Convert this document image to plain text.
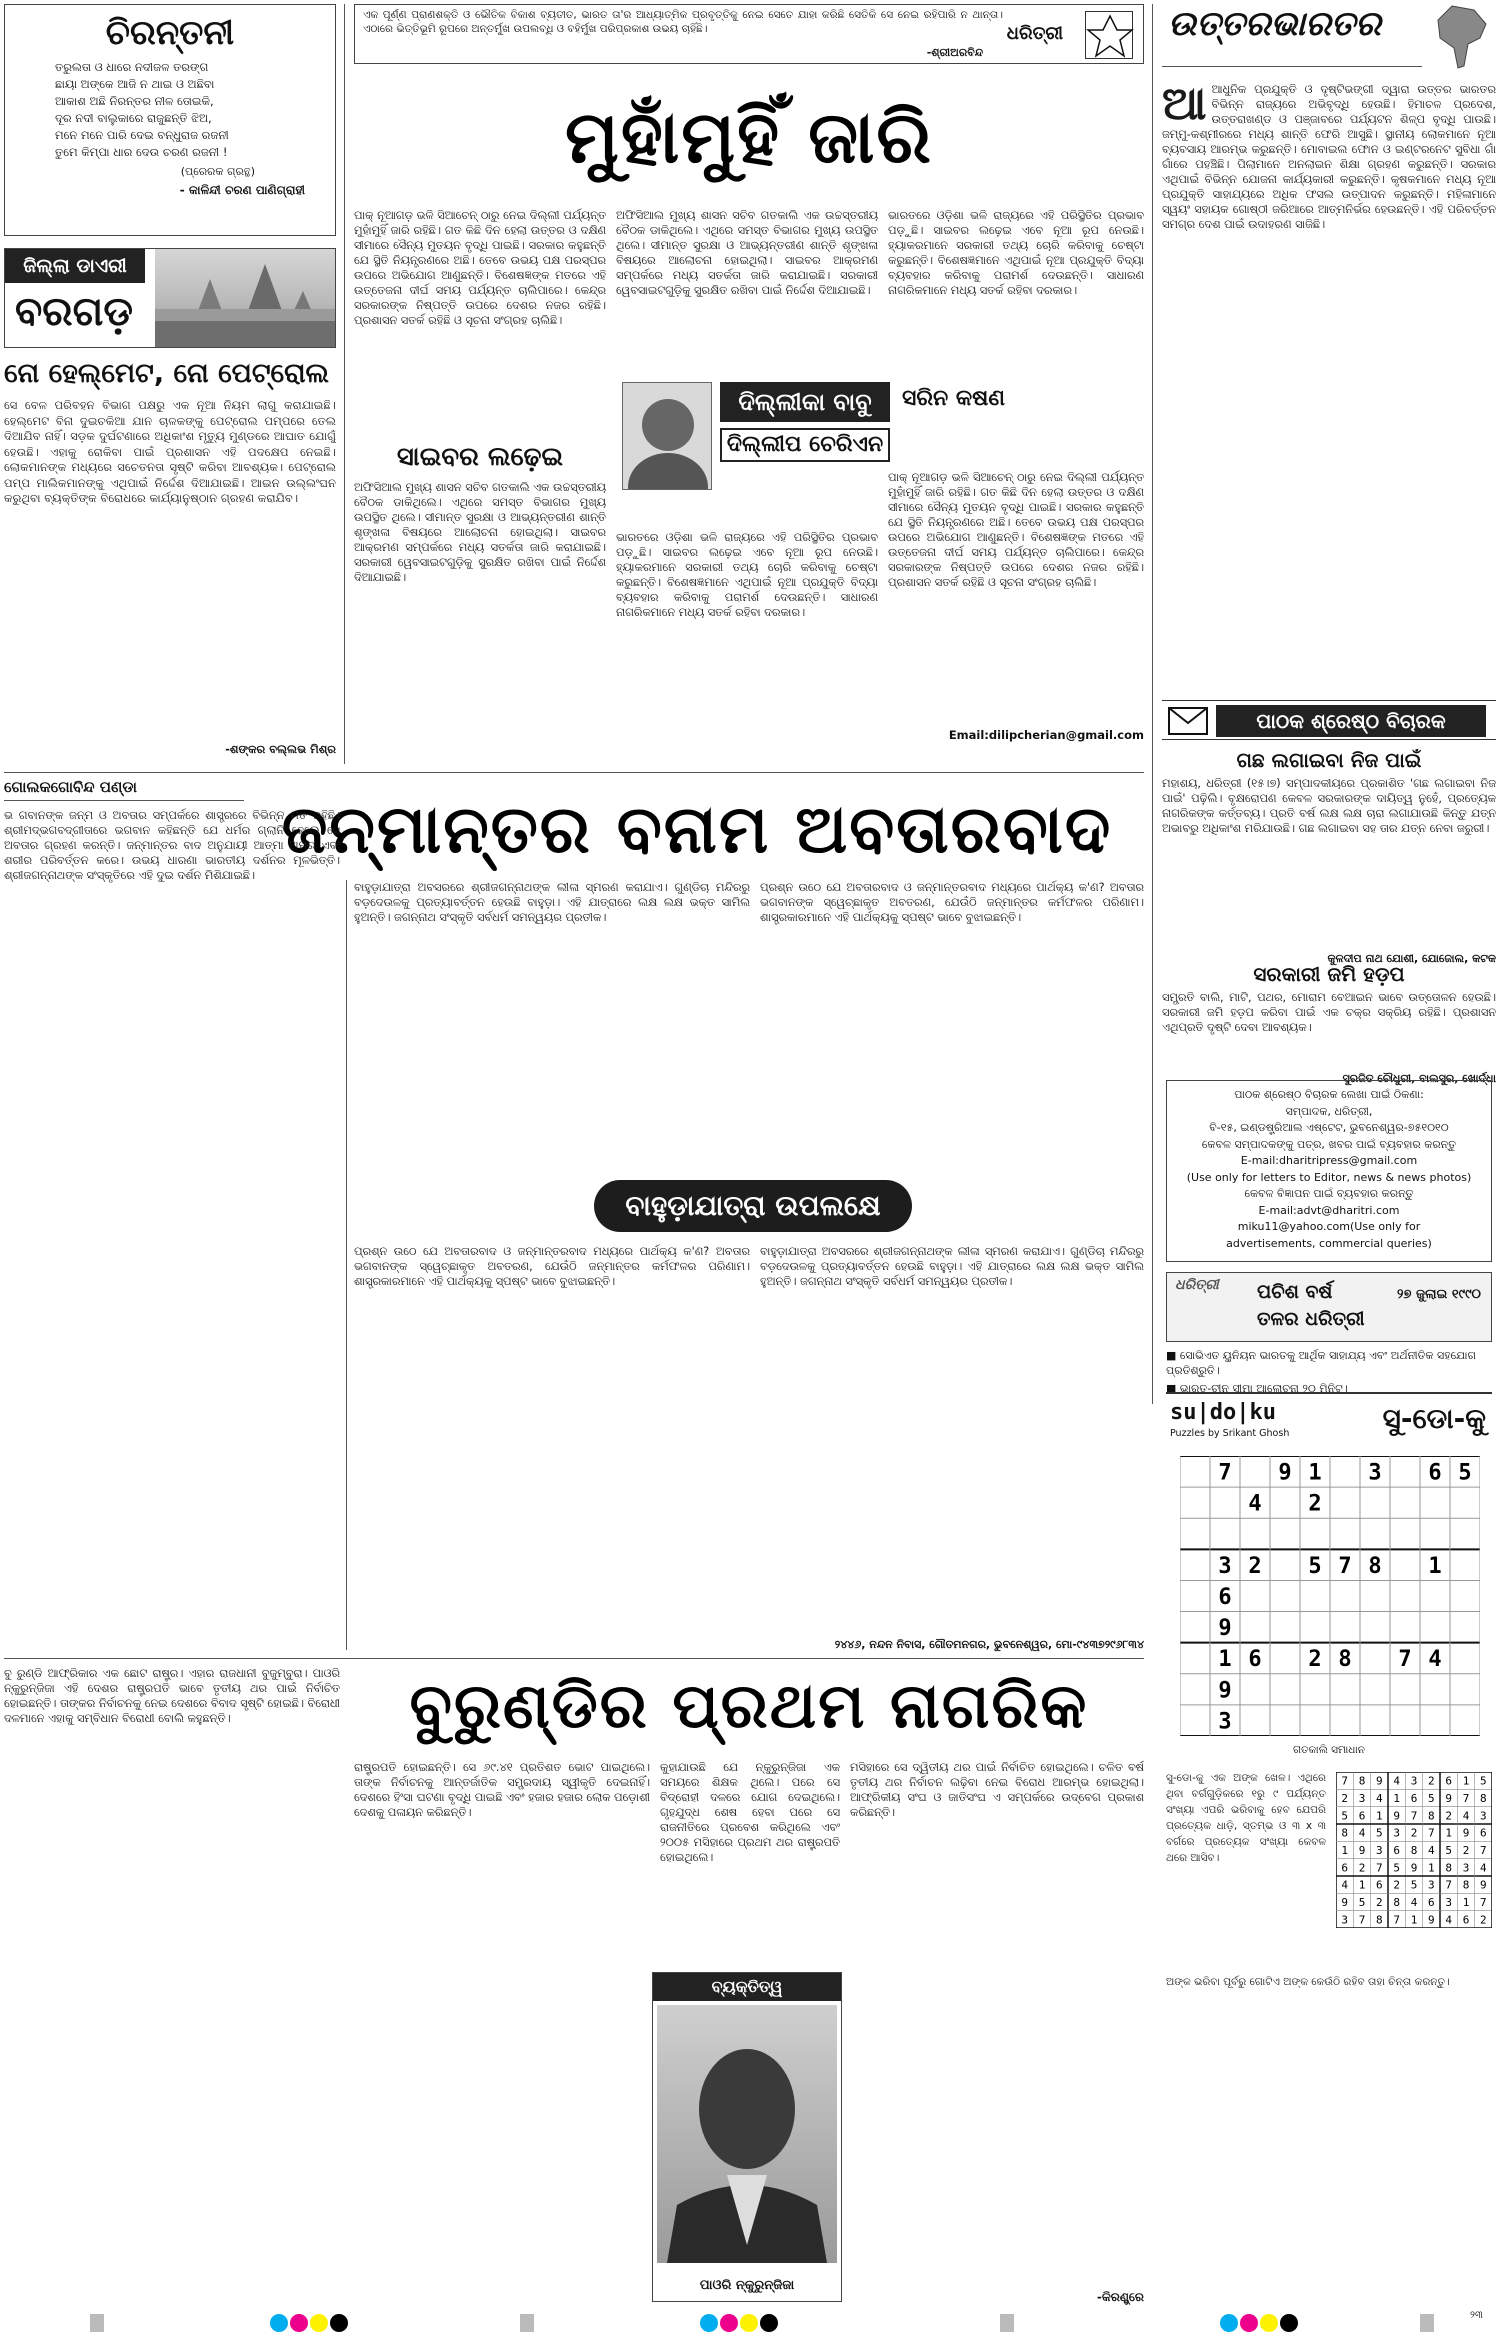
ଚିରନ୍ତନୀ
ତରୁଲତା ଓ ଧାରେ ନଦୀଜଳ ତରଙ୍ଗ
ଛାୟା ଅଙ୍କେ ଆଜି ନ ଥାଇ ଓ ଅଛିବା
ଆକାଶ ଅଛି ନିରନ୍ତର ନୀଳ ତୋଇକି,
ଦୂର ନଦୀ ବାଲୁକାରେ ରାଜୁଛନ୍ତି ଝିଅ,
ମନେ ମନେ ପାରି ଦେଇ ବନ୍ଧୁରାଜ ରଜନୀ
ତୁମେ କିମ୍ପା ଧାର ଦେଉ ଚରଣ ରଜନୀ !
(ପ୍ରେରକ ଗ୍ରନ୍ଥ)
- କାଳିନ୍ଦୀ ଚରଣ ପାଣିଗ୍ରାହୀ
ଜିଲ୍ଲା ଡାଏରୀ
ବରଗଡ଼
ନୋ ହେଲ୍‌ମେଟ, ନୋ ପେଟ୍ରୋଲ
ସେ ବେଳ ପରିବହନ ବିଭାଗ ପକ୍ଷରୁ ଏକ ନୂଆ ନିୟମ ଲାଗୁ କରାଯାଇଛି। ହେଲ୍‌ମେଟ ବିନା ଦୁଇଚକିଆ ଯାନ ଚାଳକଙ୍କୁ ପେଟ୍ରୋଲ ପମ୍ପରେ ତେଲ ଦିଆଯିବ ନାହିଁ। ସଡ଼କ ଦୁର୍ଘଟଣାରେ ଅଧିକାଂଶ ମୃତ୍ୟୁ ମୁଣ୍ଡରେ ଆଘାତ ଯୋଗୁଁ ହେଉଛି। ଏହାକୁ ରୋକିବା ପାଇଁ ପ୍ରଶାସନ ଏହି ପଦକ୍ଷେପ ନେଇଛି। ଲୋକମାନଙ୍କ ମଧ୍ୟରେ ସଚେତନତା ସୃଷ୍ଟି କରିବା ଆବଶ୍ୟକ। ପେଟ୍ରୋଲ ପମ୍ପ ମାଲିକମାନଙ୍କୁ ଏଥିପାଇଁ ନିର୍ଦ୍ଦେଶ ଦିଆଯାଇଛି। ଆଇନ ଉଲ୍ଲଂଘନ କରୁଥିବା ବ୍ୟକ୍ତିଙ୍କ ବିରୋଧରେ କାର୍ଯ୍ୟାନୁଷ୍ଠାନ ଗ୍ରହଣ କରାଯିବ।
-ଶଙ୍କର ବଲ୍ଲଭ ମିଶ୍ର
ଏକ ପୂର୍ଣ୍ଣ ପ୍ରାଣଶକ୍ତି ଓ ଭୌତିକ ବିକାଶ ବ୍ୟତୀତ, ଭାରତ ତା'ର ଆଧ୍ୟାତ୍ମିକ ପ୍ରବୃତ୍ତିକୁ ନେଇ ସେତେ ଯାହା କରିଛି ସେତିକି ସେ ନେଇ ରହିପାରି ନ ଥାନ୍ତା। ଏଠାରେ ଭିତ୍ତିଭୂମି ରୂପରେ ଅନ୍ତର୍ମୁଖ ଉପଲବ୍ଧି ଓ ବହିର୍ମୁଖ ପରିପ୍ରକାଶ ଉଭୟ ଚାହିଁଛି।
-ଶ୍ରୀଅରବିନ୍ଦ
ଧରିତ୍ରୀ
ମୁହାଁମୁହିଁ ଜାରି
ପାକ୍ ନୂଆଗଡ଼ ଭଳି ସିଆଚେନ୍ ଠାରୁ ନେଇ ଦିଲ୍ଲୀ ପର୍ଯ୍ୟନ୍ତ ମୁହାଁମୁହିଁ ଜାରି ରହିଛି। ଗତ କିଛି ଦିନ ହେଲା ଉତ୍ତର ଓ ଦକ୍ଷିଣ ସୀମାରେ ସୈନ୍ୟ ମୁତୟନ ବୃଦ୍ଧି ପାଇଛି। ସରକାର କହୁଛନ୍ତି ଯେ ସ୍ଥିତି ନିୟନ୍ତ୍ରଣରେ ଅଛି। ତେବେ ଉଭୟ ପକ୍ଷ ପରସ୍ପର ଉପରେ ଅଭିଯୋଗ ଆଣୁଛନ୍ତି। ବିଶେଷଜ୍ଞଙ୍କ ମତରେ ଏହି ଉତ୍ତେଜନା ଦୀର୍ଘ ସମୟ ପର୍ଯ୍ୟନ୍ତ ଚାଲିପାରେ। କେନ୍ଦ୍ର ସରକାରଙ୍କ ନିଷ୍ପତ୍ତି ଉପରେ ଦେଶର ନଜର ରହିଛି। ପ୍ରଶାସନ ସତର୍କ ରହିଛି ଓ ସୂଚନା ସଂଗ୍ରହ ଚାଲିଛି।
ଅଫିସିଆଲ ମୁଖ୍ୟ ଶାସନ ସଚିବ ଗତକାଲି ଏକ ଉଚ୍ଚସ୍ତରୀୟ ବୈଠକ ଡାକିଥିଲେ। ଏଥିରେ ସମସ୍ତ ବିଭାଗର ମୁଖ୍ୟ ଉପସ୍ଥିତ ଥିଲେ। ସୀମାନ୍ତ ସୁରକ୍ଷା ଓ ଆଭ୍ୟନ୍ତରୀଣ ଶାନ୍ତି ଶୃଙ୍ଖଳା ବିଷୟରେ ଆଲୋଚନା ହୋଇଥିଲା। ସାଇବର ଆକ୍ରମଣ ସମ୍ପର୍କରେ ମଧ୍ୟ ସତର୍କତା ଜାରି କରାଯାଇଛି। ସରକାରୀ ୱେବସାଇଟଗୁଡ଼ିକୁ ସୁରକ୍ଷିତ ରଖିବା ପାଇଁ ନିର୍ଦ୍ଦେଶ ଦିଆଯାଇଛି।
ଭାରତରେ ଓଡ଼ିଶା ଭଳି ରାଜ୍ୟରେ ଏହି ପରିସ୍ଥିତିର ପ୍ରଭାବ ପଡ଼ୁଛି। ସାଇବର ଲଢ଼େଇ ଏବେ ନୂଆ ରୂପ ନେଉଛି। ହ୍ୟାକରମାନେ ସରକାରୀ ତଥ୍ୟ ଚୋରି କରିବାକୁ ଚେଷ୍ଟା କରୁଛନ୍ତି। ବିଶେଷଜ୍ଞମାନେ ଏଥିପାଇଁ ନୂଆ ପ୍ରଯୁକ୍ତି ବିଦ୍ୟା ବ୍ୟବହାର କରିବାକୁ ପରାମର୍ଶ ଦେଉଛନ୍ତି। ସାଧାରଣ ନାଗରିକମାନେ ମଧ୍ୟ ସତର୍କ ରହିବା ଦରକାର।
ଦିଲ୍ଲୀକା ବାବୁ	ସରିନ କଷଣ
ଦିଲ୍ଲୀପ ଚେରିଏନ
ସାଇବର ଲଢ଼େଇ
ଅଫିସିଆଲ ମୁଖ୍ୟ ଶାସନ ସଚିବ ଗତକାଲି ଏକ ଉଚ୍ଚସ୍ତରୀୟ ବୈଠକ ଡାକିଥିଲେ। ଏଥିରେ ସମସ୍ତ ବିଭାଗର ମୁଖ୍ୟ ଉପସ୍ଥିତ ଥିଲେ। ସୀମାନ୍ତ ସୁରକ୍ଷା ଓ ଆଭ୍ୟନ୍ତରୀଣ ଶାନ୍ତି ଶୃଙ୍ଖଳା ବିଷୟରେ ଆଲୋଚନା ହୋଇଥିଲା। ସାଇବର ଆକ୍ରମଣ ସମ୍ପର୍କରେ ମଧ୍ୟ ସତର୍କତା ଜାରି କରାଯାଇଛି। ସରକାରୀ ୱେବସାଇଟଗୁଡ଼ିକୁ ସୁରକ୍ଷିତ ରଖିବା ପାଇଁ ନିର୍ଦ୍ଦେଶ ଦିଆଯାଇଛି।
ଭାରତରେ ଓଡ଼ିଶା ଭଳି ରାଜ୍ୟରେ ଏହି ପରିସ୍ଥିତିର ପ୍ରଭାବ ପଡ଼ୁଛି। ସାଇବର ଲଢ଼େଇ ଏବେ ନୂଆ ରୂପ ନେଉଛି। ହ୍ୟାକରମାନେ ସରକାରୀ ତଥ୍ୟ ଚୋରି କରିବାକୁ ଚେଷ୍ଟା କରୁଛନ୍ତି। ବିଶେଷଜ୍ଞମାନେ ଏଥିପାଇଁ ନୂଆ ପ୍ରଯୁକ୍ତି ବିଦ୍ୟା ବ୍ୟବହାର କରିବାକୁ ପରାମର୍ଶ ଦେଉଛନ୍ତି। ସାଧାରଣ ନାଗରିକମାନେ ମଧ୍ୟ ସତର୍କ ରହିବା ଦରକାର।
ପାକ୍ ନୂଆଗଡ଼ ଭଳି ସିଆଚେନ୍ ଠାରୁ ନେଇ ଦିଲ୍ଲୀ ପର୍ଯ୍ୟନ୍ତ ମୁହାଁମୁହିଁ ଜାରି ରହିଛି। ଗତ କିଛି ଦିନ ହେଲା ଉତ୍ତର ଓ ଦକ୍ଷିଣ ସୀମାରେ ସୈନ୍ୟ ମୁତୟନ ବୃଦ୍ଧି ପାଇଛି। ସରକାର କହୁଛନ୍ତି ଯେ ସ୍ଥିତି ନିୟନ୍ତ୍ରଣରେ ଅଛି। ତେବେ ଉଭୟ ପକ୍ଷ ପରସ୍ପର ଉପରେ ଅଭିଯୋଗ ଆଣୁଛନ୍ତି। ବିଶେଷଜ୍ଞଙ୍କ ମତରେ ଏହି ଉତ୍ତେଜନା ଦୀର୍ଘ ସମୟ ପର୍ଯ୍ୟନ୍ତ ଚାଲିପାରେ। କେନ୍ଦ୍ର ସରକାରଙ୍କ ନିଷ୍ପତ୍ତି ଉପରେ ଦେଶର ନଜର ରହିଛି। ପ୍ରଶାସନ ସତର୍କ ରହିଛି ଓ ସୂଚନା ସଂଗ୍ରହ ଚାଲିଛି।
Email:dilipcherian@gmail.com
ଉତ୍ତରଭାରତର
ଆ ଆଧୁନିକ ପ୍ରଯୁକ୍ତି ଓ ଦୃଷ୍ଟିଭଙ୍ଗୀ ଦ୍ୱାରା ଉତ୍ତର ଭାରତର ବିଭିନ୍ନ ରାଜ୍ୟରେ ଅଭିବୃଦ୍ଧି ହେଉଛି। ହିମାଚଳ ପ୍ରଦେଶ, ଉତ୍ତରାଖଣ୍ଡ ଓ ପଞ୍ଜାବରେ ପର୍ଯ୍ୟଟନ ଶିଳ୍ପ ବୃଦ୍ଧି ପାଉଛି। ଜମ୍ମୁ-କଶ୍ମୀରରେ ମଧ୍ୟ ଶାନ୍ତି ଫେରି ଆସୁଛି। ସ୍ଥାନୀୟ ଲୋକମାନେ ନୂଆ ବ୍ୟବସାୟ ଆରମ୍ଭ କରୁଛନ୍ତି। ମୋବାଇଲ ଫୋନ ଓ ଇଣ୍ଟରନେଟ ସୁବିଧା ଗାଁ ଗାଁରେ ପହଞ୍ଚିଛି। ପିଲାମାନେ ଅନଲାଇନ ଶିକ୍ଷା ଗ୍ରହଣ କରୁଛନ୍ତି। ସରକାର ଏଥିପାଇଁ ବିଭିନ୍ନ ଯୋଜନା କାର୍ଯ୍ୟକାରୀ କରୁଛନ୍ତି। କୃଷକମାନେ ମଧ୍ୟ ନୂଆ ପ୍ରଯୁକ୍ତି ସାହାଯ୍ୟରେ ଅଧିକ ଫସଲ ଉତ୍ପାଦନ କରୁଛନ୍ତି। ମହିଳାମାନେ ସ୍ୱୟଂ ସହାୟକ ଗୋଷ୍ଠୀ ଜରିଆରେ ଆତ୍ମନିର୍ଭର ହେଉଛନ୍ତି। ଏହି ପରିବର୍ତ୍ତନ ସମଗ୍ର ଦେଶ ପାଇଁ ଉଦାହରଣ ସାଜିଛି।
ପାଠକ ଶ୍ରେଷ୍ଠ ବିଚାରକ
ଗଛ ଲଗାଇବା ନିଜ ପାଇଁ
ମହାଶୟ, ଧରିତ୍ରୀ (୧୫।୭) ସମ୍ପାଦକୀୟରେ ପ୍ରକାଶିତ 'ଗଛ ଲଗାଇବା ନିଜ ପାଇଁ' ପଢ଼ିଲି। ବୃକ୍ଷରୋପଣ କେବଳ ସରକାରଙ୍କ ଦାୟିତ୍ୱ ନୁହେଁ, ପ୍ରତ୍ୟେକ ନାଗରିକଙ୍କ କର୍ତ୍ତବ୍ୟ। ପ୍ରତି ବର୍ଷ ଲକ୍ଷ ଲକ୍ଷ ଚାରା ଲଗାଯାଉଛି କିନ୍ତୁ ଯତ୍ନ ଅଭାବରୁ ଅଧିକାଂଶ ମରିଯାଉଛି। ଗଛ ଲଗାଇବା ସହ ତାର ଯତ୍ନ ନେବା ଜରୁରୀ।
କୁଳଦୀପ ନାଥ ଯୋଶୀ, ଯୋଜୋଲ, କଟକ
ସରକାରୀ ଜମି ହଡ଼ପ
ସମ୍ପ୍ରତି ବାଲି, ମାଟି, ପଥର, ମୋରାମ ବେଆଇନ ଭାବେ ଉତ୍ତୋଳନ ହେଉଛି। ସରକାରୀ ଜମି ହଡ଼ପ କରିବା ପାଇଁ ଏକ ଚକ୍ର ସକ୍ରିୟ ରହିଛି। ପ୍ରଶାସନ ଏଥିପ୍ରତି ଦୃଷ୍ଟି ଦେବା ଆବଶ୍ୟକ।
ସୁରଜିତ ଚୌଧୁରୀ, ବାଲସୁର, ଖୋର୍ଦ୍ଧା
ପାଠକ ଶ୍ରେଷ୍ଠ ବିଚାରକ ଲେଖା ପାଇଁ ଠିକଣା:
ସମ୍ପାଦକ, ଧରିତ୍ରୀ,
ବି-୧୫, ଇଣ୍ଡଷ୍ଟ୍ରିଆଲ ଏଷ୍ଟେଟ, ଭୁବନେଶ୍ୱର-୭୫୧୦୧୦
କେବଳ ସମ୍ପାଦକଙ୍କୁ ପତ୍ର, ଖବର ପାଇଁ ବ୍ୟବହାର କରନ୍ତୁ
E-mail:dharitripress@gmail.com
(Use only for letters to Editor, news & news photos)
କେବଳ ବିଜ୍ଞାପନ ପାଇଁ ବ୍ୟବହାର କରନ୍ତୁ
E-mail:advt@dharitri.com
miku11@yahoo.com(Use only for
advertisements, commercial queries)
ଧରିତ୍ରୀ ପଚିଶ ବର୍ଷ ତଳର ଧରିତ୍ରୀ
୨୭ ଜୁଲାଇ ୧୯୯୦
■ ସୋଭିଏତ ୟୁନିୟନ ଭାରତକୁ ଆର୍ଥିକ ସାହାଯ୍ୟ ଏବଂ ଅର୍ଥନୀତିକ ସହଯୋଗ ପ୍ରତିଶ୍ରୁତି।
■ ଭାରତ-ଚୀନ ସୀମା ଆଲୋଚନା ୨୦ ମିନିଟ।
su|do|ku
Puzzles by Srikant Ghosh	ସୁ-ଡୋ-କୁ
7 9 1 3 6 5
4 2
3 2 5 7 8 1
6
9
1 6 2 8 7 4
9
3
ଗତକାଲି ସମାଧାନ
ସୁ-ଡୋ-କୁ ଏକ ଅଙ୍କ ଖେଳ। ଏଥିରେ ଥିବା ବର୍ଗଗୁଡ଼ିକରେ ୧ରୁ ୯ ପର୍ଯ୍ୟନ୍ତ ସଂଖ୍ୟା ଏପରି ଭରିବାକୁ ହେବ ଯେପରି ପ୍ରତ୍ୟେକ ଧାଡ଼ି, ସ୍ତମ୍ଭ ଓ ୩ x ୩ ବର୍ଗରେ ପ୍ରତ୍ୟେକ ସଂଖ୍ୟା କେବଳ ଥରେ ଆସିବ।
7 8 9 4 3 2 6 1 5
2 3 4 1 6 5 9 7 8
5 6 1 9 7 8 2 4 3
8 4 5 3 2 7 1 9 6
1 9 3 6 8 4 5 2 7
6 2 7 5 9 1 8 3 4
4 1 6 2 5 3 7 8 9
9 5 2 8 4 6 3 1 7
3 7 8 7 1 9 4 6 2
ଅଙ୍କ ଭରିବା ପୂର୍ବରୁ ଗୋଟିଏ ଅଙ୍କ କେଉଁଠି ରହିବ ତାହା ଚିନ୍ତା କରନ୍ତୁ।
ଗୋଲକଗୋବିନ୍ଦ ପଣ୍ଡା
ଜନ୍ମାନ୍ତର ବନାମ ଅବତାରବାଦ
ଭ ଗବାନଙ୍କ ଜନ୍ମ ଓ ଅବତାର ସମ୍ପର୍କରେ ଶାସ୍ତ୍ରରେ ବିଭିନ୍ନ ମତ ରହିଛି। ଶ୍ରୀମଦ୍ଭଗବଦ୍‌ଗୀତାରେ ଭଗବାନ କହିଛନ୍ତି ଯେ ଧର୍ମର ଗ୍ଲାନି ହେଲେ ସେ ଅବତାର ଗ୍ରହଣ କରନ୍ତି। ଜନ୍ମାନ୍ତର ବାଦ ଅନୁଯାୟୀ ଆତ୍ମା ଅମର ଏବଂ ଶରୀର ପରିବର୍ତ୍ତନ କରେ। ଉଭୟ ଧାରଣା ଭାରତୀୟ ଦର୍ଶନର ମୂଳଭିତ୍ତି। ଶ୍ରୀଜଗନ୍ନାଥଙ୍କ ସଂସ୍କୃତିରେ ଏହି ଦୁଇ ଦର୍ଶନ ମିଶିଯାଇଛି।
ବାହୁଡ଼ାଯାତ୍ରା ଅବସରରେ ଶ୍ରୀଜଗନ୍ନାଥଙ୍କ ଲୀଳା ସ୍ମରଣ କରାଯାଏ। ଗୁଣ୍ଡିଚା ମନ୍ଦିରରୁ ବଡ଼ଦେଉଳକୁ ପ୍ରତ୍ୟାବର୍ତ୍ତନ ହେଉଛି ବାହୁଡ଼ା। ଏହି ଯାତ୍ରାରେ ଲକ୍ଷ ଲକ୍ଷ ଭକ୍ତ ସାମିଲ ହୁଅନ୍ତି। ଜଗନ୍ନାଥ ସଂସ୍କୃତି ସର୍ବଧର୍ମ ସମନ୍ୱୟର ପ୍ରତୀକ।
ପ୍ରଶ୍ନ ଉଠେ ଯେ ଅବତାରବାଦ ଓ ଜନ୍ମାନ୍ତରବାଦ ମଧ୍ୟରେ ପାର୍ଥକ୍ୟ କ'ଣ? ଅବତାର ଭଗବାନଙ୍କ ସ୍ୱେଚ୍ଛାକୃତ ଅବତରଣ, ଯେଉଁଠି ଜନ୍ମାନ୍ତର କର୍ମଫଳର ପରିଣାମ। ଶାସ୍ତ୍ରକାରମାନେ ଏହି ପାର୍ଥକ୍ୟକୁ ସ୍ପଷ୍ଟ ଭାବେ ବୁଝାଇଛନ୍ତି।
ବାହୁଡ଼ାଯାତ୍ରା ଉପଲକ୍ଷେ
ପ୍ରଶ୍ନ ଉଠେ ଯେ ଅବତାରବାଦ ଓ ଜନ୍ମାନ୍ତରବାଦ ମଧ୍ୟରେ ପାର୍ଥକ୍ୟ କ'ଣ? ଅବତାର ଭଗବାନଙ୍କ ସ୍ୱେଚ୍ଛାକୃତ ଅବତରଣ, ଯେଉଁଠି ଜନ୍ମାନ୍ତର କର୍ମଫଳର ପରିଣାମ। ଶାସ୍ତ୍ରକାରମାନେ ଏହି ପାର୍ଥକ୍ୟକୁ ସ୍ପଷ୍ଟ ଭାବେ ବୁଝାଇଛନ୍ତି।
ବାହୁଡ଼ାଯାତ୍ରା ଅବସରରେ ଶ୍ରୀଜଗନ୍ନାଥଙ୍କ ଲୀଳା ସ୍ମରଣ କରାଯାଏ। ଗୁଣ୍ଡିଚା ମନ୍ଦିରରୁ ବଡ଼ଦେଉଳକୁ ପ୍ରତ୍ୟାବର୍ତ୍ତନ ହେଉଛି ବାହୁଡ଼ା। ଏହି ଯାତ୍ରାରେ ଲକ୍ଷ ଲକ୍ଷ ଭକ୍ତ ସାମିଲ ହୁଅନ୍ତି। ଜଗନ୍ନାଥ ସଂସ୍କୃତି ସର୍ବଧର୍ମ ସମନ୍ୱୟର ପ୍ରତୀକ।
୨୪୪୬, ନନ୍ଦନ ନିବାସ, ଗୌତମନଗର, ଭୁବନେଶ୍ୱର, ମୋ-୯୪୩୭୨୯୬୮୩୪
ବୁରୁଣ୍ଡିର ପ୍ରଥମ ନାଗରିକ
ବୁ ରୁଣ୍ଡି ଆଫ୍ରିକାର ଏକ ଛୋଟ ରାଷ୍ଟ୍ର। ଏହାର ରାଜଧାନୀ ବୁଜୁମ୍ବୁରା। ପାଓରି ନ୍କୁରୁନ୍‌ଜିଜା ଏହି ଦେଶର ରାଷ୍ଟ୍ରପତି ଭାବେ ତୃତୀୟ ଥର ପାଇଁ ନିର୍ବାଚିତ ହୋଇଛନ୍ତି। ତାଙ୍କର ନିର୍ବାଚନକୁ ନେଇ ଦେଶରେ ବିବାଦ ସୃଷ୍ଟି ହୋଇଛି। ବିରୋଧୀ ଦଳମାନେ ଏହାକୁ ସମ୍ବିଧାନ ବିରୋଧୀ ବୋଲି କହୁଛନ୍ତି।
ରାଷ୍ଟ୍ରପତି ହୋଇଛନ୍ତି। ସେ ୬୯.୪୧ ପ୍ରତିଶତ ଭୋଟ ପାଇଥିଲେ। ତାଙ୍କ ନିର୍ବାଚନକୁ ଆନ୍ତର୍ଜାତିକ ସମ୍ପ୍ରଦାୟ ସ୍ୱୀକୃତି ଦେଇନାହିଁ। ଦେଶରେ ହିଂସା ଘଟଣା ବୃଦ୍ଧି ପାଇଛି ଏବଂ ହଜାର ହଜାର ଲୋକ ପଡ଼ୋଶୀ ଦେଶକୁ ପଳାୟନ କରିଛନ୍ତି।
କୁହାଯାଉଛି ଯେ ନ୍କୁରୁନ୍‌ଜିଜା ଏକ ସମୟରେ ଶିକ୍ଷକ ଥିଲେ। ପରେ ସେ ବିଦ୍ରୋହୀ ଦଳରେ ଯୋଗ ଦେଇଥିଲେ। ଗୃହଯୁଦ୍ଧ ଶେଷ ହେବା ପରେ ସେ ରାଜନୀତିରେ ପ୍ରବେଶ କରିଥିଲେ ଏବଂ ୨୦୦୫ ମସିହାରେ ପ୍ରଥମ ଥର ରାଷ୍ଟ୍ରପତି ହୋଇଥିଲେ।
ମସିହାରେ ସେ ଦ୍ୱିତୀୟ ଥର ପାଇଁ ନିର୍ବାଚିତ ହୋଇଥିଲେ। ଚଳିତ ବର୍ଷ ତୃତୀୟ ଥର ନିର୍ବାଚନ ଲଢ଼ିବା ନେଇ ବିରୋଧ ଆରମ୍ଭ ହୋଇଥିଲା। ଆଫ୍ରିକୀୟ ସଂଘ ଓ ଜାତିସଂଘ ଏ ସମ୍ପର୍କରେ ଉଦ୍‌ବେଗ ପ୍ରକାଶ କରିଛନ୍ତି।
ବ୍ୟକ୍ତିତ୍ୱ
ପାଓରି ନ୍କୁରୁନ୍‌ଜିଜା
-କିରଣ୍ଡ୍ରେ
୨୩
